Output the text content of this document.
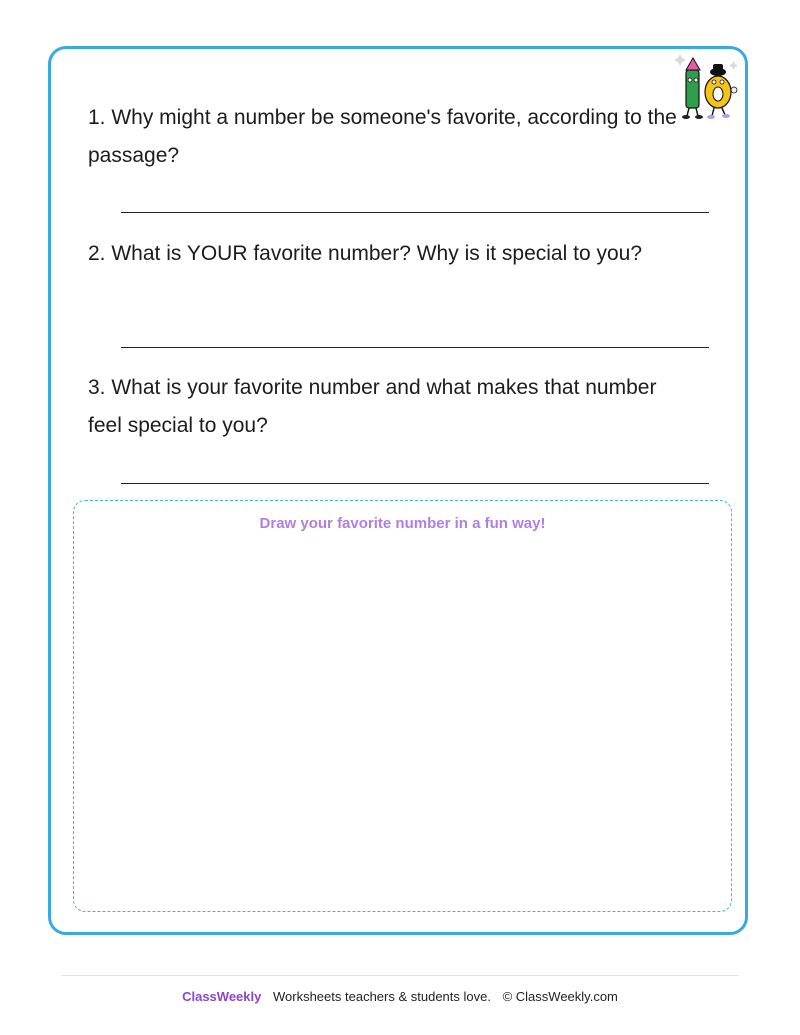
1. Why might a number be someone's favorite, according to the passage?
2. What is YOUR favorite number? Why is it special to you?
3. What is your favorite number and what makes that number feel special to you?
Draw your favorite number in a fun way!
ClassWeekly Worksheets teachers & students love. © ClassWeekly.com
